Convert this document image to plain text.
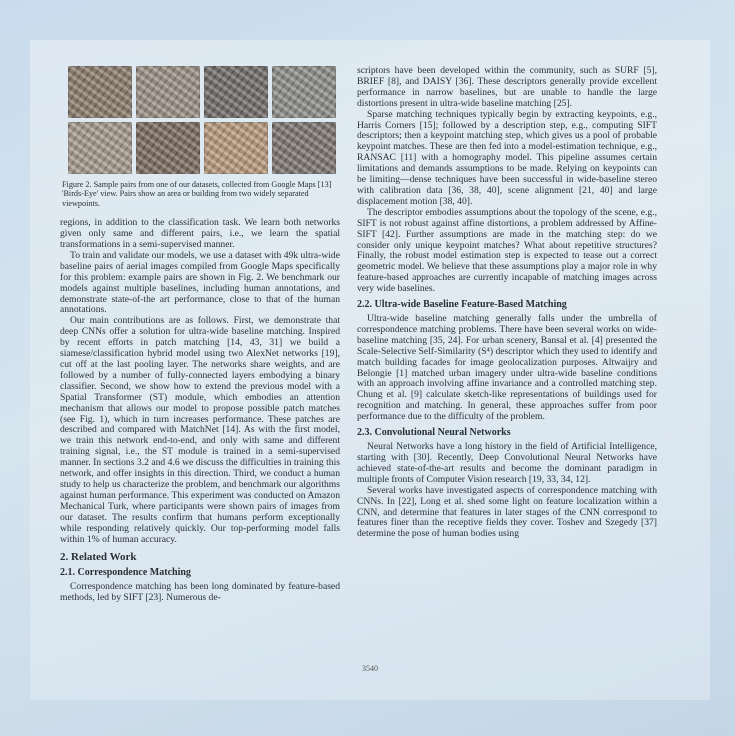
Figure 2. Sample pairs from one of our datasets, collected from Google Maps [13] 'Birds-Eye' view. Pairs show an area or building from two widely separated viewpoints.

regions, in addition to the classification task. We learn both networks given only same and different pairs, i.e., we learn the spatial transformations in a semi-supervised manner.

To train and validate our models, we use a dataset with 49k ultra-wide baseline pairs of aerial images compiled from Google Maps specifically for this problem: example pairs are shown in Fig. 2. We benchmark our models against multiple baselines, including human annotations, and demonstrate state-of-the art performance, close to that of the human annotations.

Our main contributions are as follows. First, we demonstrate that deep CNNs offer a solution for ultra-wide baseline matching. Inspired by recent efforts in patch matching [14, 43, 31] we build a siamese/classification hybrid model using two AlexNet networks [19], cut off at the last pooling layer. The networks share weights, and are followed by a number of fully-connected layers embodying a binary classifier. Second, we show how to extend the previous model with a Spatial Transformer (ST) module, which embodies an attention mechanism that allows our model to propose possible patch matches (see Fig. 1), which in turn increases performance. These patches are described and compared with MatchNet [14]. As with the first model, we train this network end-to-end, and only with same and different training signal, i.e., the ST module is trained in a semi-supervised manner. In sections 3.2 and 4.6 we discuss the difficulties in training this network, and offer insights in this direction. Third, we conduct a human study to help us characterize the problem, and benchmark our algorithms against human performance. This experiment was conducted on Amazon Mechanical Turk, where participants were shown pairs of images from our dataset. The results confirm that humans perform exceptionally while responding relatively quickly. Our top-performing model falls within 1% of human accuracy.

2. Related Work
2.1. Correspondence Matching

Correspondence matching has been long dominated by feature-based methods, led by SIFT [23]. Numerous de-

scriptors have been developed within the community, such as SURF [5], BRIEF [8], and DAISY [36]. These descriptors generally provide excellent performance in narrow baselines, but are unable to handle the large distortions present in ultra-wide baseline matching [25].

Sparse matching techniques typically begin by extracting keypoints, e.g., Harris Corners [15]; followed by a description step, e.g., computing SIFT descriptors; then a keypoint matching step, which gives us a pool of probable keypoint matches. These are then fed into a model-estimation technique, e.g., RANSAC [11] with a homography model. This pipeline assumes certain limitations and demands assumptions to be made. Relying on keypoints can be limiting—dense techniques have been successful in wide-baseline stereo with calibration data [36, 38, 40], scene alignment [21, 40] and large displacement motion [38, 40].

The descriptor embodies assumptions about the topology of the scene, e.g., SIFT is not robust against affine distortions, a problem addressed by Affine-SIFT [42]. Further assumptions are made in the matching step: do we consider only unique keypoint matches? What about repetitive structures? Finally, the robust model estimation step is expected to tease out a correct geometric model. We believe that these assumptions play a major role in why feature-based approaches are currently incapable of matching images across very wide baselines.

2.2. Ultra-wide Baseline Feature-Based Matching

Ultra-wide baseline matching generally falls under the umbrella of correspondence matching problems. There have been several works on wide-baseline matching [35, 24]. For urban scenery, Bansal et al. [4] presented the Scale-Selective Self-Similarity (S⁴) descriptor which they used to identify and match building facades for image geolocalization purposes. Altwaijry and Belongie [1] matched urban imagery under ultra-wide baseline conditions with an approach involving affine invariance and a controlled matching step. Chung et al. [9] calculate sketch-like representations of buildings used for recognition and matching. In general, these approaches suffer from poor performance due to the difficulty of the problem.

2.3. Convolutional Neural Networks

Neural Networks have a long history in the field of Artificial Intelligence, starting with [30]. Recently, Deep Convolutional Neural Networks have achieved state-of-the-art results and become the dominant paradigm in multiple fronts of Computer Vision research [19, 33, 34, 12].

Several works have investigated aspects of correspondence matching with CNNs. In [22], Long et al. shed some light on feature localization within a CNN, and determine that features in later stages of the CNN correspond to features finer than the receptive fields they cover. Toshev and Szegedy [37] determine the pose of human bodies using

3540
